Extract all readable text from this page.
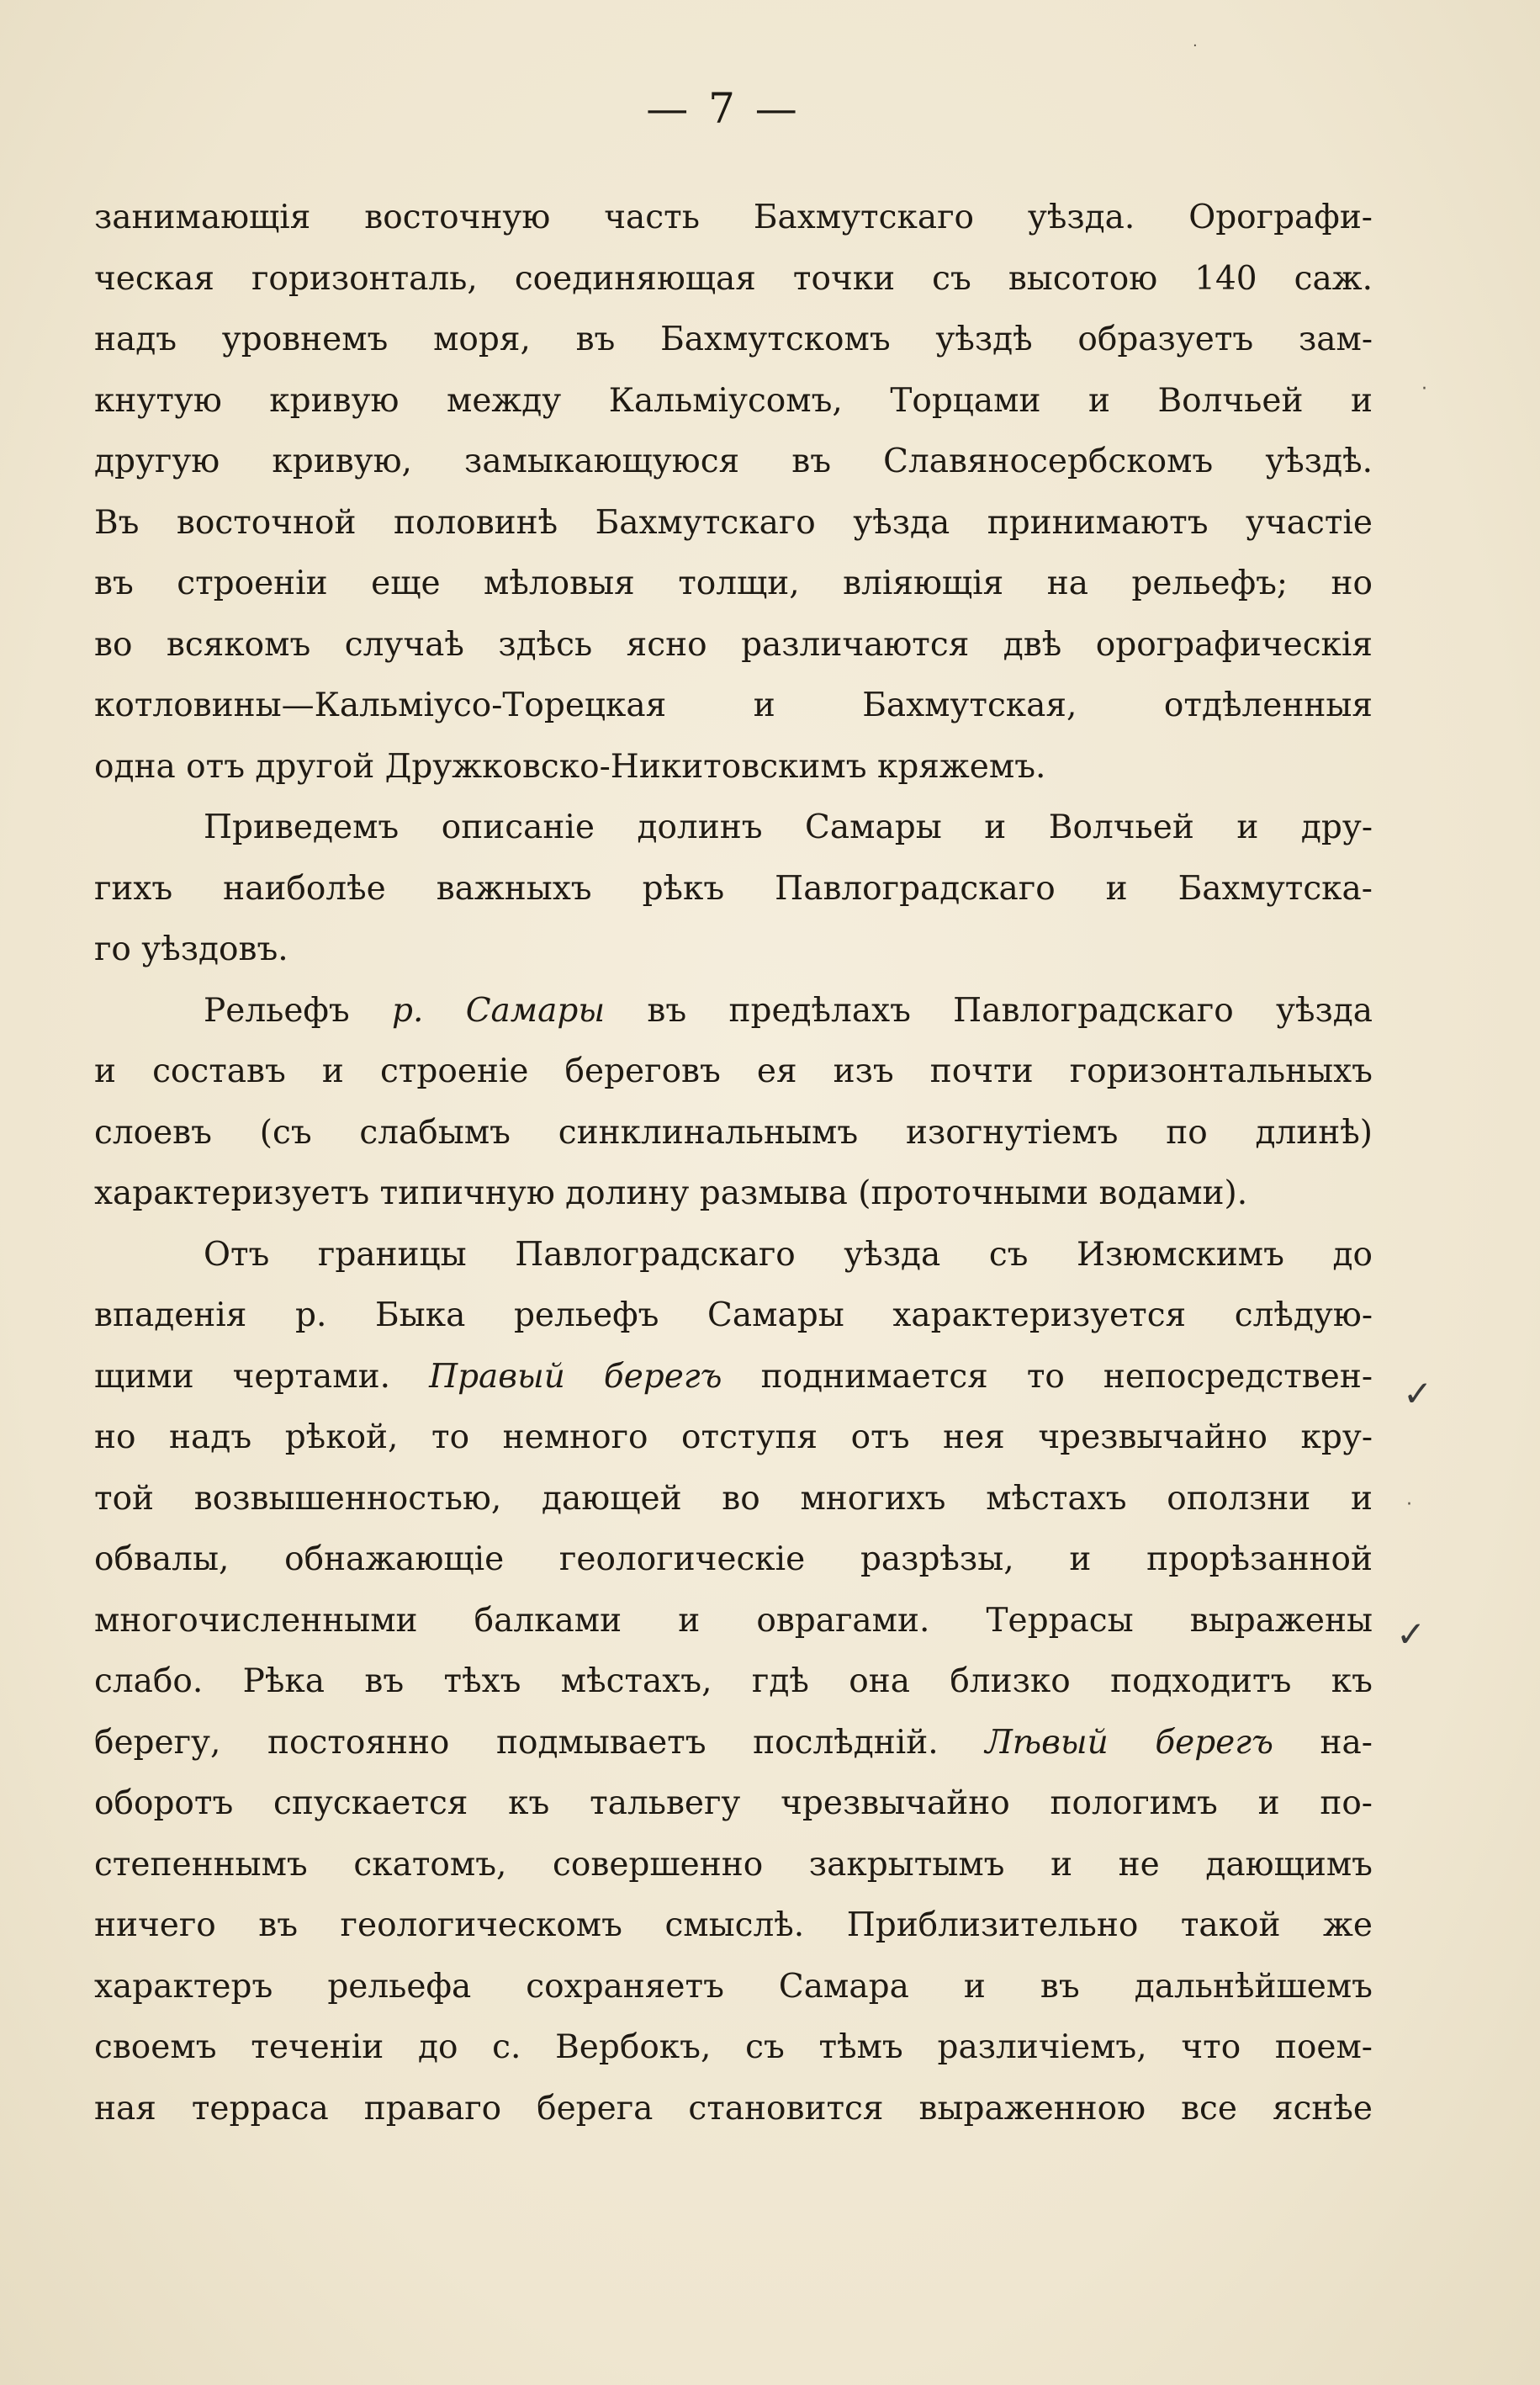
— 7 —
занимающія восточную часть Бахмутскаго уѣзда. Орографи-
ческая горизонталь, соединяющая точки съ высотою 140 саж.
надъ уровнемъ моря, въ Бахмутскомъ уѣздѣ образуетъ зам-
кнутую кривую между Кальміусомъ, Торцами и Волчьей и
другую кривую, замыкающуюся въ Славяносербскомъ уѣздѣ.
Въ восточной половинѣ Бахмутскаго уѣзда принимаютъ участіе
въ строеніи еще мѣловыя толщи, вліяющія на рельефъ; но
во всякомъ случаѣ здѣсь ясно различаются двѣ орографическія
котловины—Кальміусо-Торецкая и Бахмутская, отдѣленныя
одна отъ другой Дружковско-Никитовскимъ кряжемъ.
Приведемъ описаніе долинъ Самары и Волчьей и дру-
гихъ наиболѣе важныхъ рѣкъ Павлоградскаго и Бахмутска-
го уѣздовъ.
Рельефъ р. Самары въ предѣлахъ Павлоградскаго уѣзда
и составъ и строеніе береговъ ея изъ почти горизонтальныхъ
слоевъ (съ слабымъ синклинальнымъ изогнутіемъ по длинѣ)
характеризуетъ типичную долину размыва (проточными водами).
Отъ границы Павлоградскаго уѣзда съ Изюмскимъ до
впаденія р. Быка рельефъ Самары характеризуется слѣдую-
щими чертами. Правый берегъ поднимается то непосредствен-
но надъ рѣкой, то немного отступя отъ нея чрезвычайно кру-
той возвышенностью, дающей во многихъ мѣстахъ оползни и
обвалы, обнажающіе геологическіе разрѣзы, и прорѣзанной
многочисленными балками и оврагами. Террасы выражены
слабо. Рѣка въ тѣхъ мѣстахъ, гдѣ она близко подходитъ къ
берегу, постоянно подмываетъ послѣдній. Лѣвый берегъ на-
оборотъ спускается къ тальвегу чрезвычайно пологимъ и по-
степеннымъ скатомъ, совершенно закрытымъ и не дающимъ
ничего въ геологическомъ смыслѣ. Приблизительно такой же
характеръ рельефа сохраняетъ Самара и въ дальнѣйшемъ
своемъ теченіи до с. Вербокъ, съ тѣмъ различіемъ, что поем-
ная терраса праваго берега становится выраженною все яснѣе
✓
✓
·
·
·
